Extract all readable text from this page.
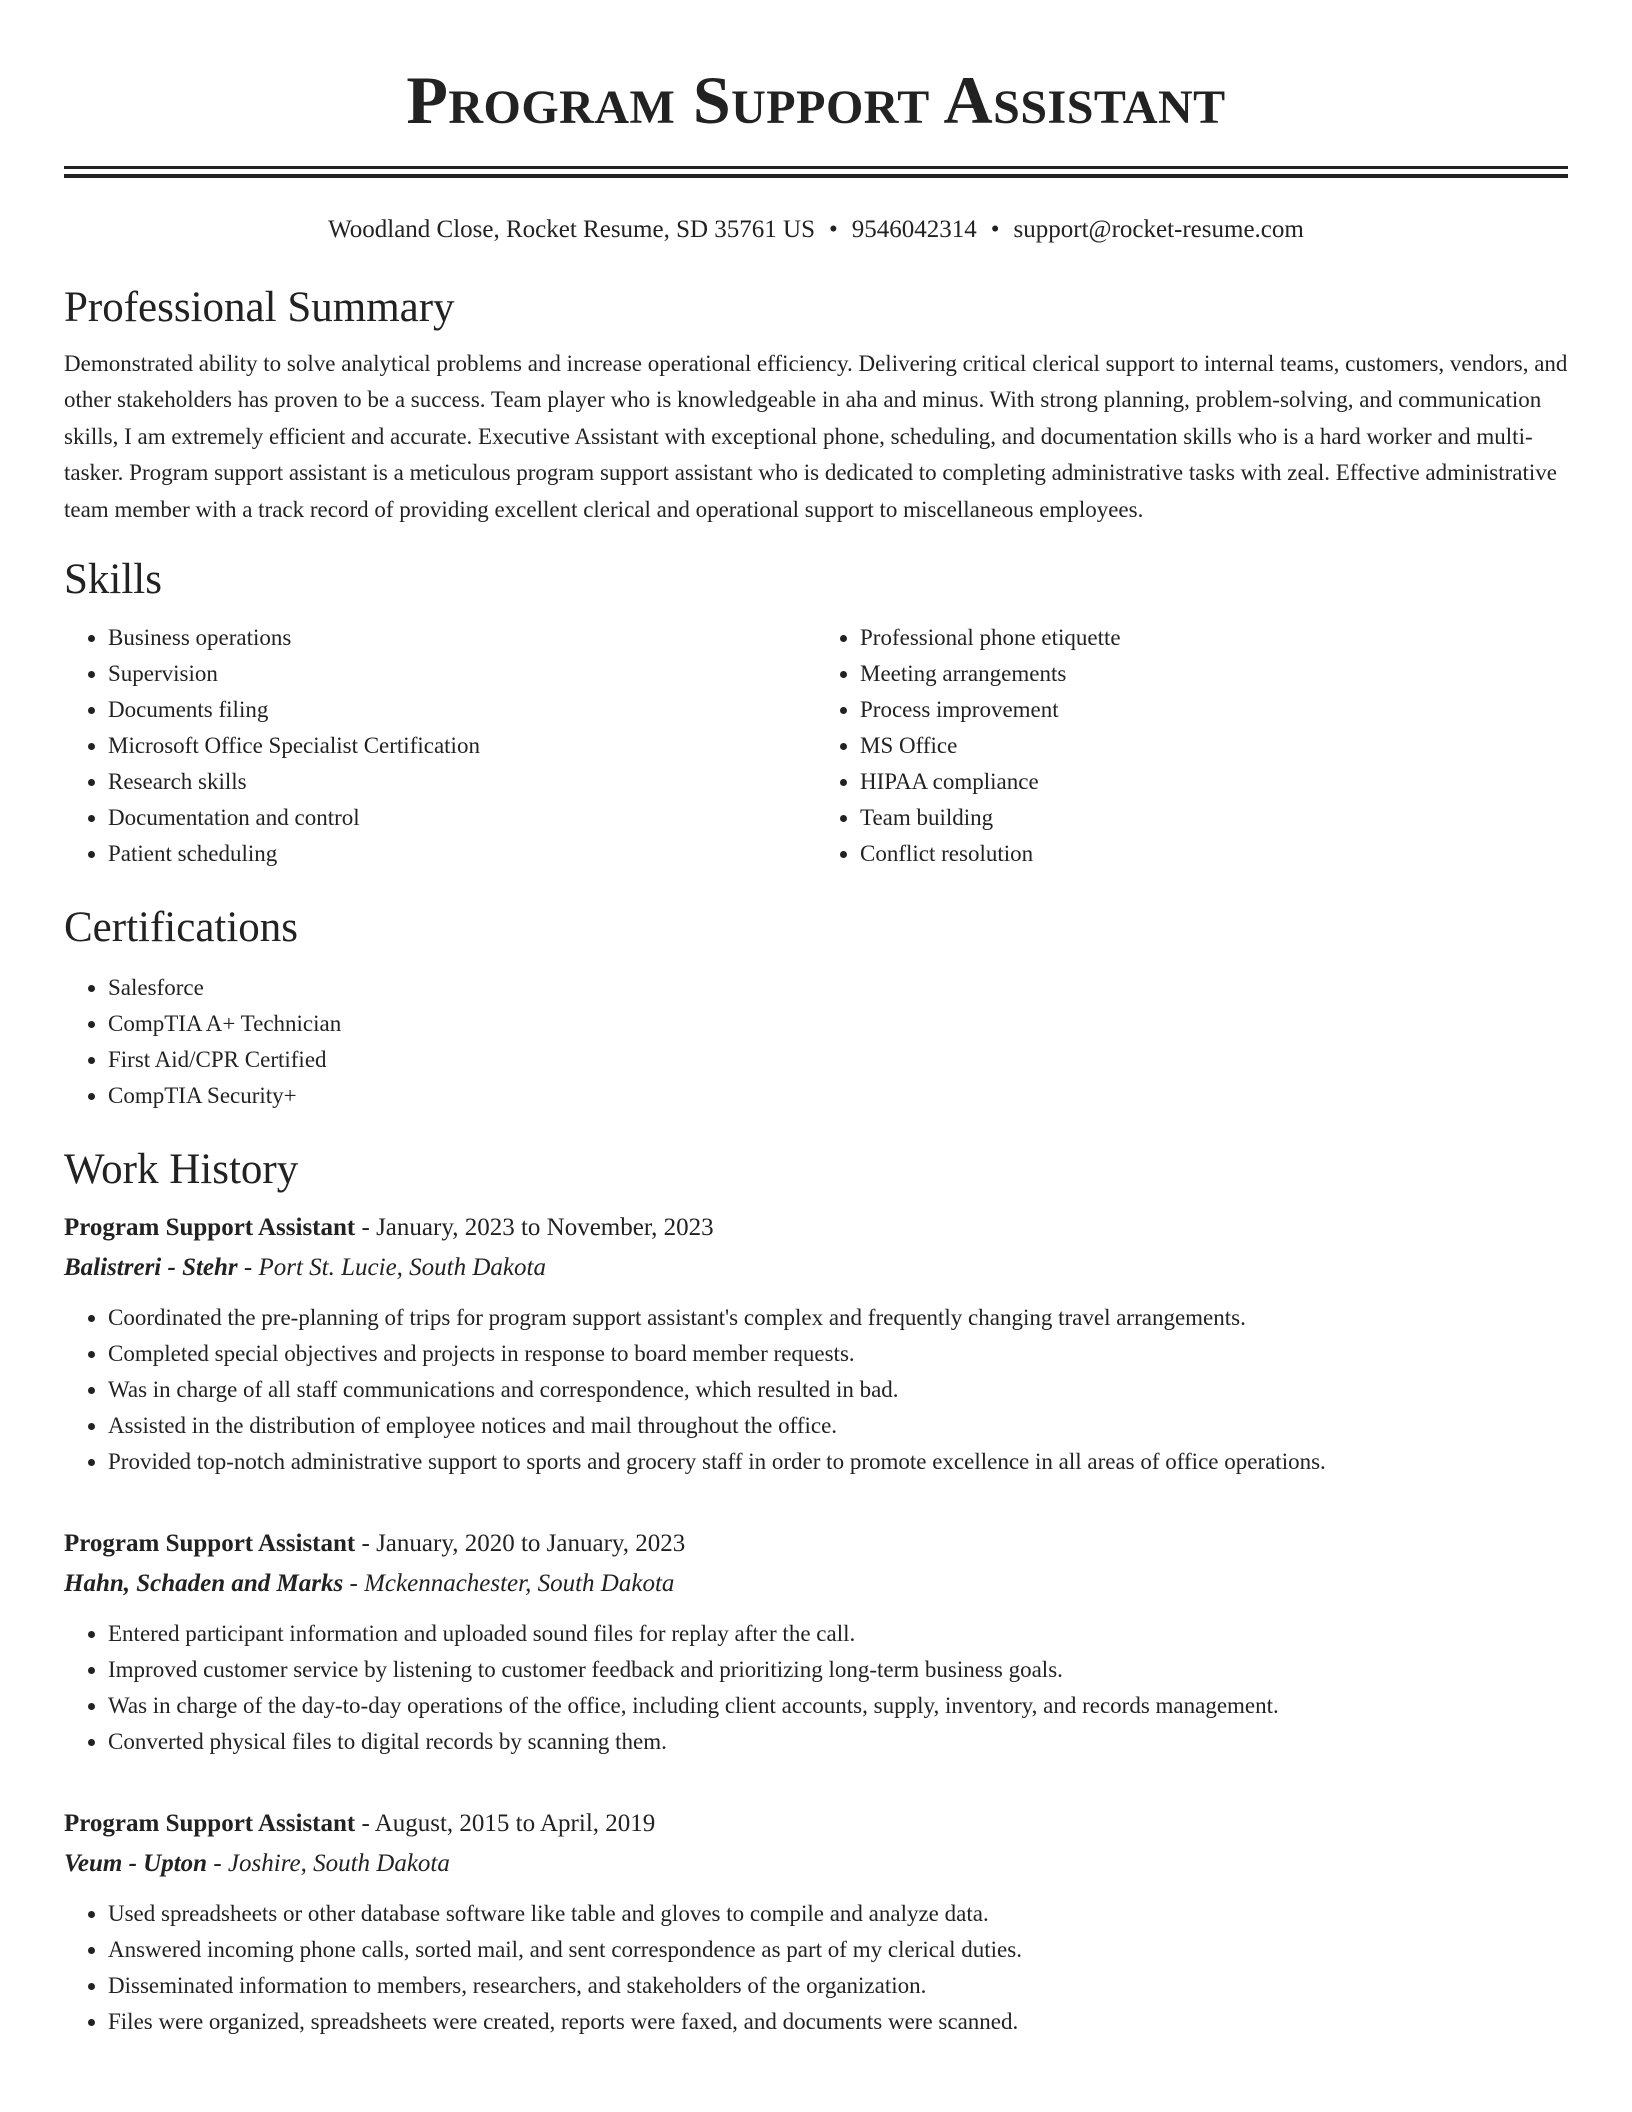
Program Support Assistant
Woodland Close, Rocket Resume, SD 35761 US • 9546042314 • support@rocket-resume.com
Professional Summary

Demonstrated ability to solve analytical problems and increase operational efficiency. Delivering critical clerical support to internal teams, customers, vendors, and other stakeholders has proven to be a success. Team player who is knowledgeable in aha and minus. With strong planning, problem-solving, and communication skills, I am extremely efficient and accurate. Executive Assistant with exceptional phone, scheduling, and documentation skills who is a hard worker and multi-tasker. Program support assistant is a meticulous program support assistant who is dedicated to completing administrative tasks with zeal. Effective administrative team member with a track record of providing excellent clerical and operational support to miscellaneous employees.

Skills
• Business operations
• Supervision
• Documents filing
• Microsoft Office Specialist Certification
• Research skills
• Documentation and control
• Patient scheduling
• Professional phone etiquette
• Meeting arrangements
• Process improvement
• MS Office
• HIPAA compliance
• Team building
• Conflict resolution
Certifications
• Salesforce
• CompTIA A+ Technician
• First Aid/CPR Certified
• CompTIA Security+
Work History
Program Support Assistant - January, 2023 to November, 2023
Balistreri - Stehr - Port St. Lucie, South Dakota
• Coordinated the pre-planning of trips for program support assistant's complex and frequently changing travel arrangements.
• Completed special objectives and projects in response to board member requests.
• Was in charge of all staff communications and correspondence, which resulted in bad.
• Assisted in the distribution of employee notices and mail throughout the office.
• Provided top-notch administrative support to sports and grocery staff in order to promote excellence in all areas of office operations.
Program Support Assistant - January, 2020 to January, 2023
Hahn, Schaden and Marks - Mckennachester, South Dakota
• Entered participant information and uploaded sound files for replay after the call.
• Improved customer service by listening to customer feedback and prioritizing long-term business goals.
• Was in charge of the day-to-day operations of the office, including client accounts, supply, inventory, and records management.
• Converted physical files to digital records by scanning them.
Program Support Assistant - August, 2015 to April, 2019
Veum - Upton - Joshire, South Dakota
• Used spreadsheets or other database software like table and gloves to compile and analyze data.
• Answered incoming phone calls, sorted mail, and sent correspondence as part of my clerical duties.
• Disseminated information to members, researchers, and stakeholders of the organization.
• Files were organized, spreadsheets were created, reports were faxed, and documents were scanned.
